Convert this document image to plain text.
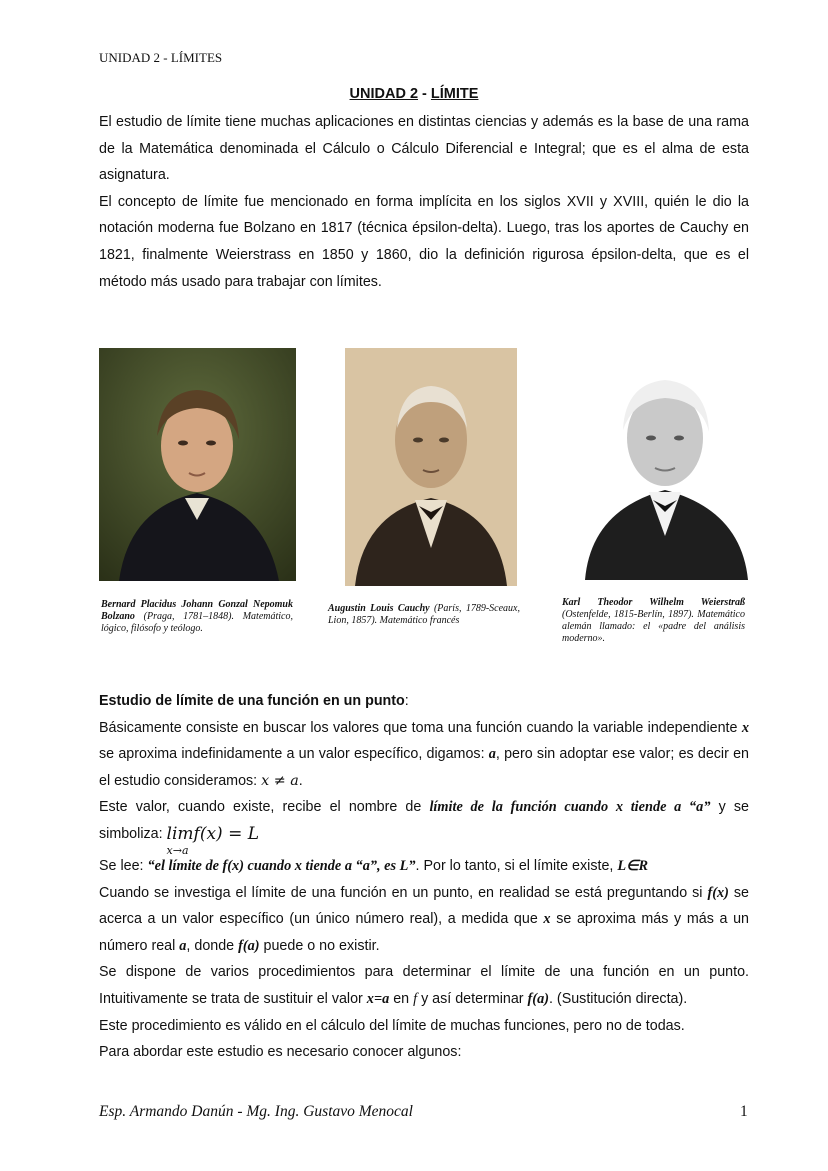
UNIDAD 2 - LÍMITES
UNIDAD 2 - LÍMITE

El estudio de límite tiene muchas aplicaciones en distintas ciencias y además es la base de una rama de la Matemática denominada el Cálculo o Cálculo Diferencial e Integral; que es el alma de esta asignatura.

El concepto de límite fue mencionado en forma implícita en los siglos XVII y XVIII, quién le dio la notación moderna fue Bolzano en 1817 (técnica épsilon-delta). Luego, tras los aportes de Cauchy en 1821, finalmente Weierstrass en 1850 y 1860, dio la definición rigurosa épsilon-delta, que es el método más usado para trabajar con límites.

Bernard Placidus Johann Gonzal Nepomuk Bolzano (Praga, 1781–1848). Matemático, lógico, filósofo y teólogo.
Augustin Louis Cauchy (París, 1789-Sceaux, Lion, 1857). Matemático francés
Karl Theodor Wilhelm Weierstraß (Ostenfelde, 1815-Berlín, 1897). Matemático alemán llamado: el «padre del análisis moderno».

Estudio de límite de una función en un punto:

Básicamente consiste en buscar los valores que toma una función cuando la variable independiente x se aproxima indefinidamente a un valor específico, digamos: a, pero sin adoptar ese valor; es decir en el estudio consideramos: x ≠ a.

Este valor, cuando existe, recibe el nombre de límite de la función cuando x tiende a “a” y se

simboliza: limf(x) = L
x→a

Se lee: “el límite de f(x) cuando x tiende a “a”, es L”. Por lo tanto, si el límite existe, L∈R

Cuando se investiga el límite de una función en un punto, en realidad se está preguntando si f(x) se acerca a un valor específico (un único número real), a medida que x se aproxima más y más a un número real a, donde f(a) puede o no existir.

Se dispone de varios procedimientos para determinar el límite de una función en un punto. Intuitivamente se trata de sustituir el valor x=a en f y así determinar f(a). (Sustitución directa).

Este procedimiento es válido en el cálculo del límite de muchas funciones, pero no de todas.

Para abordar este estudio es necesario conocer algunos:

Esp. Armando Danún - Mg. Ing. Gustavo Menocal	1
